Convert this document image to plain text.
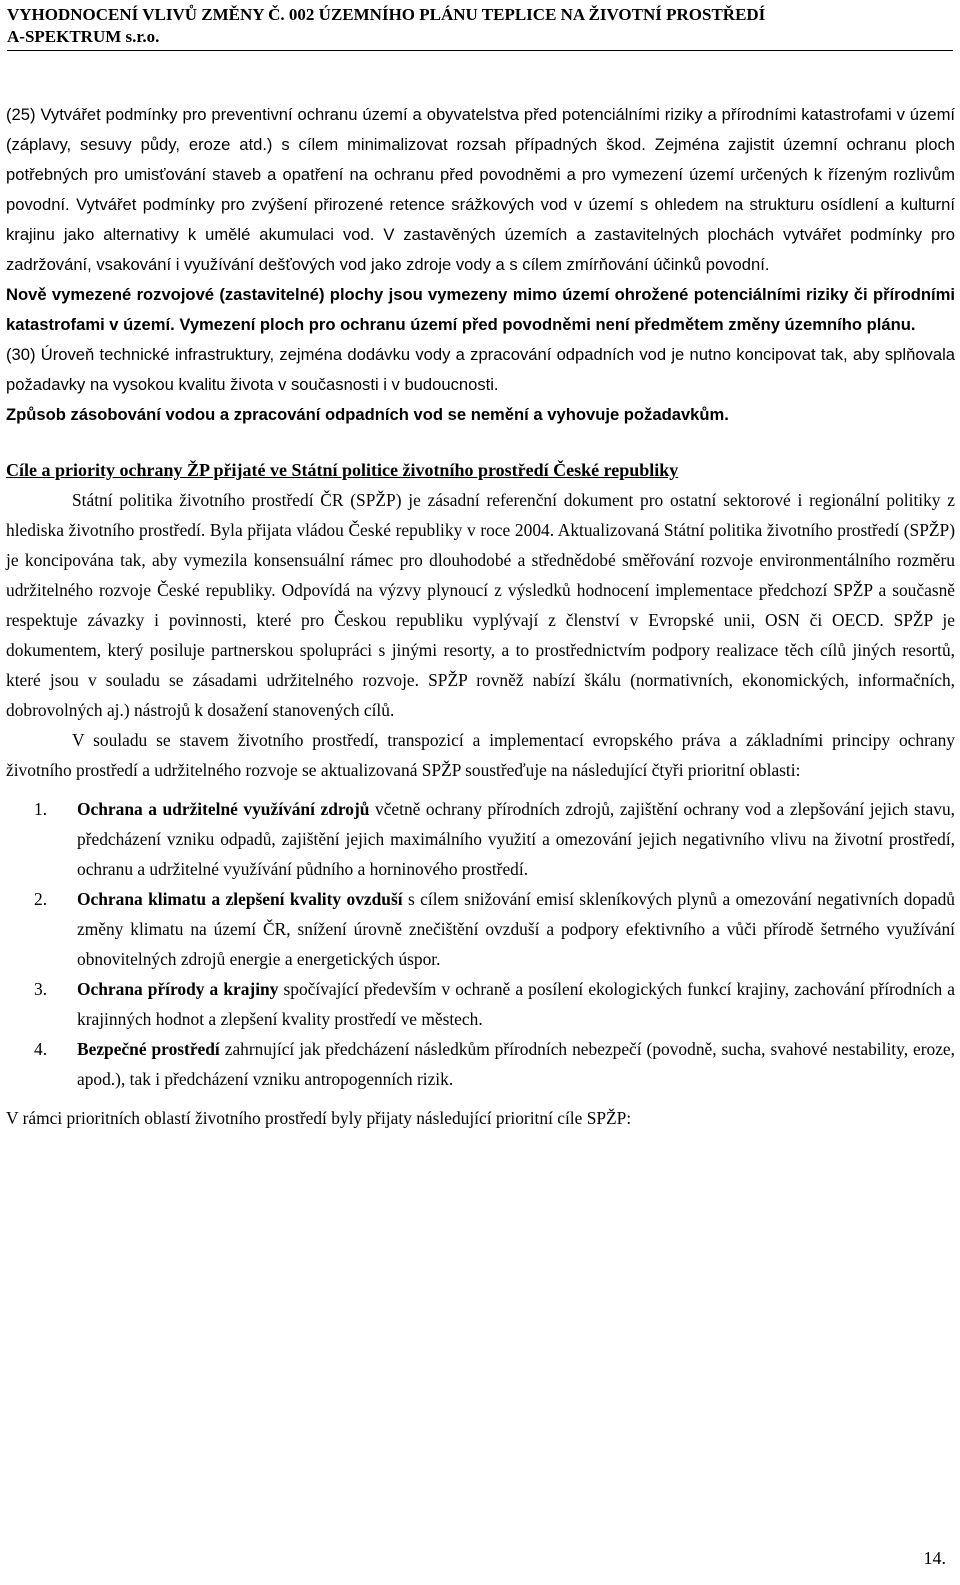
VYHODNOCENÍ VLIVŮ ZMĚNY Č. 002 ÚZEMNÍHO PLÁNU TEPLICE NA ŽIVOTNÍ PROSTŘEDÍ
A-SPEKTRUM s.r.o.

(25) Vytvářet podmínky pro preventivní ochranu území a obyvatelstva před potenciálními riziky a přírodními katastrofami v území (záplavy, sesuvy půdy, eroze atd.) s cílem minimalizovat rozsah případných škod. Zejména zajistit územní ochranu ploch potřebných pro umisťování staveb a opatření na ochranu před povodněmi a pro vymezení území určených k řízeným rozlivům povodní. Vytvářet podmínky pro zvýšení přirozené retence srážkových vod v území s ohledem na strukturu osídlení a kulturní krajinu jako alternativy k umělé akumulaci vod. V zastavěných územích a zastavitelných plochách vytvářet podmínky pro zadržování, vsakování i využívání dešťových vod jako zdroje vody a s cílem zmírňování účinků povodní.

Nově vymezené rozvojové (zastavitelné) plochy jsou vymezeny mimo území ohrožené potenciálními riziky či přírodními katastrofami v území. Vymezení ploch pro ochranu území před povodněmi není předmětem změny územního plánu.

(30) Úroveň technické infrastruktury, zejména dodávku vody a zpracování odpadních vod je nutno koncipovat tak, aby splňovala požadavky na vysokou kvalitu života v současnosti i v budoucnosti.

Způsob zásobování vodou a zpracování odpadních vod se nemění a vyhovuje požadavkům.

Cíle a priority ochrany ŽP přijaté ve Státní politice životního prostředí České republiky

Státní politika životního prostředí ČR (SPŽP) je zásadní referenční dokument pro ostatní sektorové i regionální politiky z hlediska životního prostředí. Byla přijata vládou České republiky v roce 2004. Aktualizovaná Státní politika životního prostředí (SPŽP) je koncipována tak, aby vymezila konsensuální rámec pro dlouhodobé a střednědobé směřování rozvoje environmentálního rozměru udržitelného rozvoje České republiky. Odpovídá na výzvy plynoucí z výsledků hodnocení implementace předchozí SPŽP a současně respektuje závazky i povinnosti, které pro Českou republiku vyplývají z členství v Evropské unii, OSN či OECD. SPŽP je dokumentem, který posiluje partnerskou spolupráci s jinými resorty, a to prostřednictvím podpory realizace těch cílů jiných resortů, které jsou v souladu se zásadami udržitelného rozvoje. SPŽP rovněž nabízí škálu (normativních, ekonomických, informačních, dobrovolných aj.) nástrojů k dosažení stanovených cílů.

V souladu se stavem životního prostředí, transpozicí a implementací evropského práva a základními principy ochrany životního prostředí a udržitelného rozvoje se aktualizovaná SPŽP soustřeďuje na následující čtyři prioritní oblasti:

1. Ochrana a udržitelné využívání zdrojů včetně ochrany přírodních zdrojů, zajištění ochrany vod a zlepšování jejich stavu, předcházení vzniku odpadů, zajištění jejich maximálního využití a omezování jejich negativního vlivu na životní prostředí, ochranu a udržitelné využívání půdního a horninového prostředí.
2. Ochrana klimatu a zlepšení kvality ovzduší s cílem snižování emisí skleníkových plynů a omezování negativních dopadů změny klimatu na území ČR, snížení úrovně znečištění ovzduší a podpory efektivního a vůči přírodě šetrného využívání obnovitelných zdrojů energie a energetických úspor.
3. Ochrana přírody a krajiny spočívající především v ochraně a posílení ekologických funkcí krajiny, zachování přírodních a krajinných hodnot a zlepšení kvality prostředí ve městech.
4. Bezpečné prostředí zahrnující jak předcházení následkům přírodních nebezpečí (povodně, sucha, svahové nestability, eroze, apod.), tak i předcházení vzniku antropogenních rizik.

V rámci prioritních oblastí životního prostředí byly přijaty následující prioritní cíle SPŽP:

14.
